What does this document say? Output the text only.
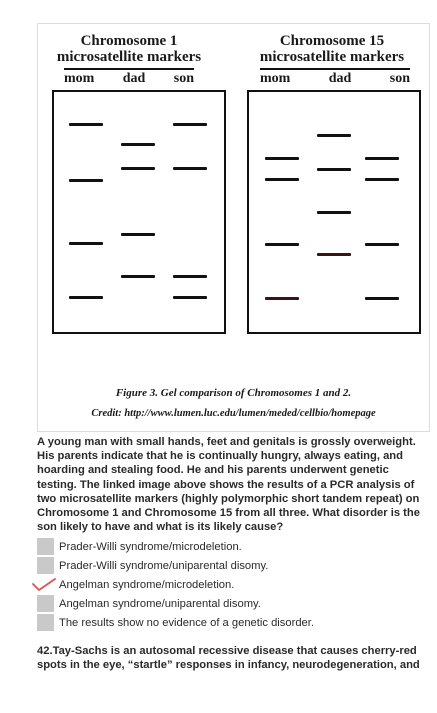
Chromosome 1
microsatellite markers
mom dad son
Chromosome 15
microsatellite markers
mom	dad	son
Figure 3. Gel comparison of Chromosomes 1 and 2.
Credit: http://www.lumen.luc.edu/lumen/meded/cellbio/homepage
A young man with small hands, feet and genitals is grossly overweight. His parents indicate that he is continually hungry, always eating, and hoarding and stealing food. He and his parents underwent genetic testing. The linked image above shows the results of a PCR analysis of two microsatellite markers (highly polymorphic short tandem repeat) on Chromosome 1 and Chromosome 15 from all three. What disorder is the son likely to have and what is its likely cause?
Prader-Willi syndrome/microdeletion.
Prader-Willi syndrome/uniparental disomy.
Angelman syndrome/microdeletion.
Angelman syndrome/uniparental disomy.
The results show no evidence of a genetic disorder.
42.Tay-Sachs is an autosomal recessive disease that causes cherry-red spots in the eye, “startle” responses in infancy, neurodegeneration, and
